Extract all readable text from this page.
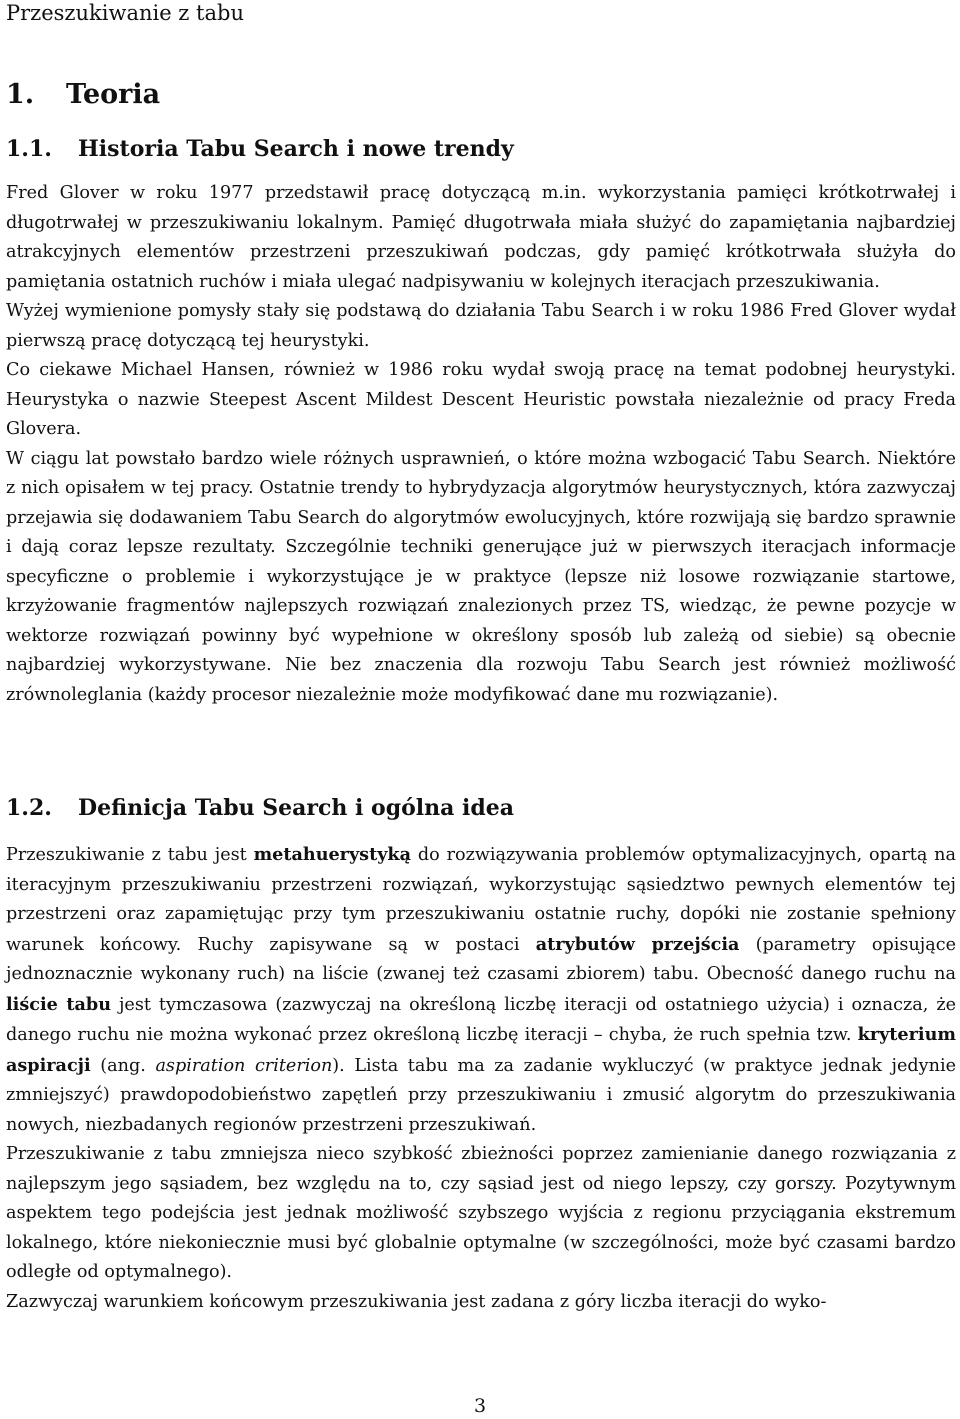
Przeszukiwanie z tabu
1. Teoria
1.1. Historia Tabu Search i nowe trendy

Fred Glover w roku 1977 przedstawił pracę dotyczącą m.in. wykorzystania pamięci krótkotrwałej i długotrwałej w przeszukiwaniu lokalnym. Pamięć długotrwała miała służyć do zapamiętania najbardziej atrakcyjnych elementów przestrzeni przeszukiwań podczas, gdy pamięć krótkotrwała służyła do pamiętania ostatnich ruchów i miała ulegać nadpisywaniu w kolejnych iteracjach przeszukiwania.

Wyżej wymienione pomysły stały się podstawą do działania Tabu Search i w roku 1986 Fred Glover wydał pierwszą pracę dotyczącą tej heurystyki.

Co ciekawe Michael Hansen, również w 1986 roku wydał swoją pracę na temat podobnej heurystyki. Heurystyka o nazwie Steepest Ascent Mildest Descent Heuristic powstała niezależnie od pracy Freda Glovera.

W ciągu lat powstało bardzo wiele różnych usprawnień, o które można wzbogacić Tabu Search. Niektóre z nich opisałem w tej pracy. Ostatnie trendy to hybrydyzacja algorytmów heurystycznych, która zazwyczaj przejawia się dodawaniem Tabu Search do algorytmów ewolucyjnych, które rozwijają się bardzo sprawnie i dają coraz lepsze rezultaty. Szczególnie techniki generujące już w pierwszych iteracjach informacje specyficzne o problemie i wykorzystujące je w praktyce (lepsze niż losowe rozwiązanie startowe, krzyżowanie fragmentów najlepszych rozwiązań znalezionych przez TS, wiedząc, że pewne pozycje w wektorze rozwiązań powinny być wypełnione w określony sposób lub zależą od siebie) są obecnie najbardziej wykorzystywane. Nie bez znaczenia dla rozwoju Tabu Search jest również możliwość zrównoleglania (każdy procesor niezależnie może modyfikować dane mu rozwiązanie).

1.2. Definicja Tabu Search i ogólna idea

Przeszukiwanie z tabu jest metahuerystyką do rozwiązywania problemów optymalizacyjnych, opartą na iteracyjnym przeszukiwaniu przestrzeni rozwiązań, wykorzystując sąsiedztwo pewnych elementów tej przestrzeni oraz zapamiętując przy tym przeszukiwaniu ostatnie ruchy, dopóki nie zostanie spełniony warunek końcowy. Ruchy zapisywane są w postaci atrybutów przejścia (parametry opisujące jednoznacznie wykonany ruch) na liście (zwanej też czasami zbiorem) tabu. Obecność danego ruchu na liście tabu jest tymczasowa (zazwyczaj na określoną liczbę iteracji od ostatniego użycia) i oznacza, że danego ruchu nie można wykonać przez określoną liczbę iteracji – chyba, że ruch spełnia tzw. kryterium aspiracji (ang. aspiration criterion). Lista tabu ma za zadanie wykluczyć (w praktyce jednak jedynie zmniejszyć) prawdopodobieństwo zapętleń przy przeszukiwaniu i zmusić algorytm do przeszukiwania nowych, niezbadanych regionów przestrzeni przeszukiwań.

Przeszukiwanie z tabu zmniejsza nieco szybkość zbieżności poprzez zamienianie danego rozwiązania z najlepszym jego sąsiadem, bez względu na to, czy sąsiad jest od niego lepszy, czy gorszy. Pozytywnym aspektem tego podejścia jest jednak możliwość szybszego wyjścia z regionu przyciągania ekstremum lokalnego, które niekoniecznie musi być globalnie optymalne (w szczególności, może być czasami bardzo odległe od optymalnego).

Zazwyczaj warunkiem końcowym przeszukiwania jest zadana z góry liczba iteracji do wyko-

3
